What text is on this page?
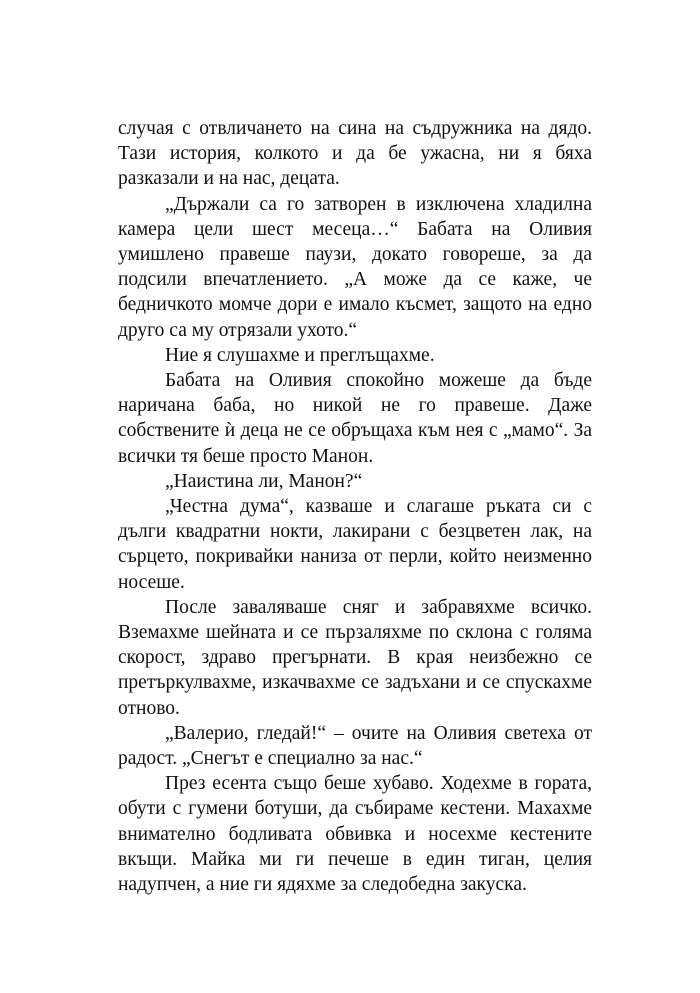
случая с отвличането на сина на съдружника на дядо. Тази история, колкото и да бе ужасна, ни я бяха разказали и на нас, децата.

„Държали са го затворен в изключена хладилна камера цели шест месеца…“ Бабата на Оливия умишлено правеше паузи, докато говореше, за да подсили впечатлението. „А може да се каже, че бедничкото момче дори е имало късмет, защото на едно друго са му отрязали ухото.“

Ние я слушахме и преглъщахме.

Бабата на Оливия спокойно можеше да бъде наричана баба, но никой не го правеше. Даже собствените ѝ деца не се обръщаха към нея с „мамо“. За всички тя беше просто Манон.

„Наистина ли, Манон?“

„Честна дума“, казваше и слагаше ръката си с дълги квадратни нокти, лакирани с безцветен лак, на сърцето, покривайки наниза от перли, който неизменно носеше.

После заваляваше сняг и забравяхме всичко. Вземахме шейната и се пързаляхме по склона с голяма скорост, здраво прегърнати. В края неизбежно се претъркулвахме, изкачвахме се задъхани и се спускахме отново.

„Валерио, гледай!“ – очите на Оливия светеха от радост. „Снегът е специално за нас.“

През есента също беше хубаво. Ходехме в гората, обути с гумени ботуши, да събираме кестени. Махахме внимателно бодливата обвивка и носехме кестените вкъщи. Майка ми ги печеше в един тиган, целия надупчен, а ние ги ядяхме за следобедна закуска.
